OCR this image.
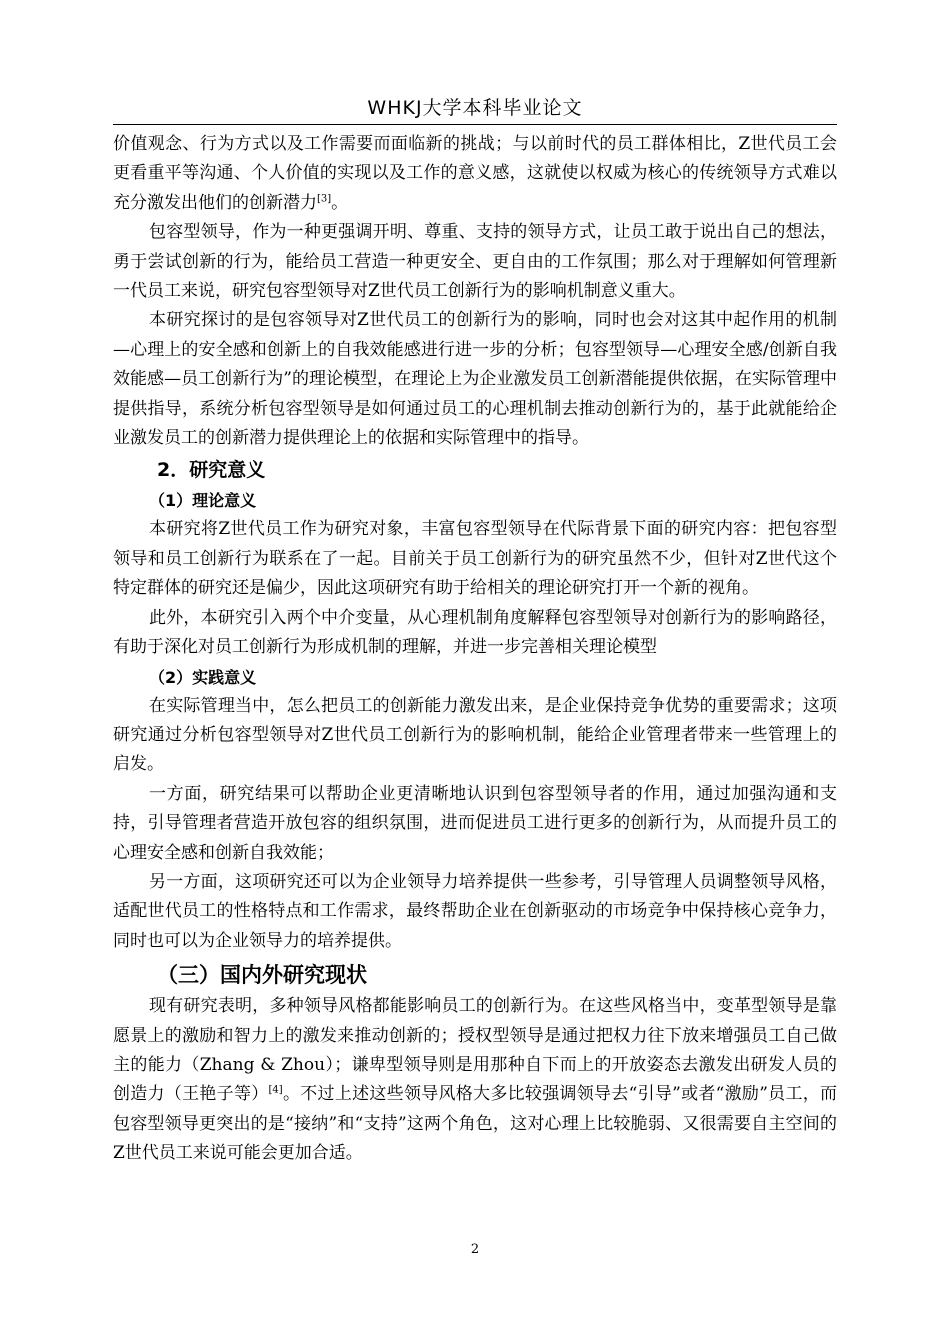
WHKJ大学本科毕业论文

价值观念、行为方式以及工作需要而面临新的挑战；与以前时代的员工群体相比，Z世代员工会更看重平等沟通、个人价值的实现以及工作的意义感，这就使以权威为核心的传统领导方式难以充分激发出他们的创新潜力[3]。

包容型领导，作为一种更强调开明、尊重、支持的领导方式，让员工敢于说出自己的想法，勇于尝试创新的行为，能给员工营造一种更安全、更自由的工作氛围；那么对于理解如何管理新一代员工来说，研究包容型领导对Z世代员工创新行为的影响机制意义重大。

本研究探讨的是包容领导对Z世代员工的创新行为的影响，同时也会对这其中起作用的机制—心理上的安全感和创新上的自我效能感进行进一步的分析；包容型领导—心理安全感/创新自我效能感—员工创新行为”的理论模型，在理论上为企业激发员工创新潜能提供依据，在实际管理中提供指导，系统分析包容型领导是如何通过员工的心理机制去推动创新行为的，基于此就能给企业激发员工的创新潜力提供理论上的依据和实际管理中的指导。

2．研究意义
（1）理论意义

本研究将Z世代员工作为研究对象，丰富包容型领导在代际背景下面的研究内容：把包容型领导和员工创新行为联系在了一起。目前关于员工创新行为的研究虽然不少，但针对Z世代这个特定群体的研究还是偏少，因此这项研究有助于给相关的理论研究打开一个新的视角。

此外，本研究引入两个中介变量，从心理机制角度解释包容型领导对创新行为的影响路径，有助于深化对员工创新行为形成机制的理解，并进一步完善相关理论模型

（2）实践意义

在实际管理当中，怎么把员工的创新能力激发出来，是企业保持竞争优势的重要需求；这项研究通过分析包容型领导对Z世代员工创新行为的影响机制，能给企业管理者带来一些管理上的启发。

一方面，研究结果可以帮助企业更清晰地认识到包容型领导者的作用，通过加强沟通和支持，引导管理者营造开放包容的组织氛围，进而促进员工进行更多的创新行为，从而提升员工的心理安全感和创新自我效能；

另一方面，这项研究还可以为企业领导力培养提供一些参考，引导管理人员调整领导风格，适配世代员工的性格特点和工作需求，最终帮助企业在创新驱动的市场竞争中保持核心竞争力，同时也可以为企业领导力的培养提供。

（三）国内外研究现状

现有研究表明，多种领导风格都能影响员工的创新行为。在这些风格当中，变革型领导是靠愿景上的激励和智力上的激发来推动创新的；授权型领导是通过把权力往下放来增强员工自己做主的能力（Zhang & Zhou）；谦卑型领导则是用那种自下而上的开放姿态去激发出研发人员的创造力（王艳子等）[4]。不过上述这些领导风格大多比较强调领导去“引导”或者“激励”员工，而包容型领导更突出的是“接纳”和“支持”这两个角色，这对心理上比较脆弱、又很需要自主空间的Z世代员工来说可能会更加合适。

2
